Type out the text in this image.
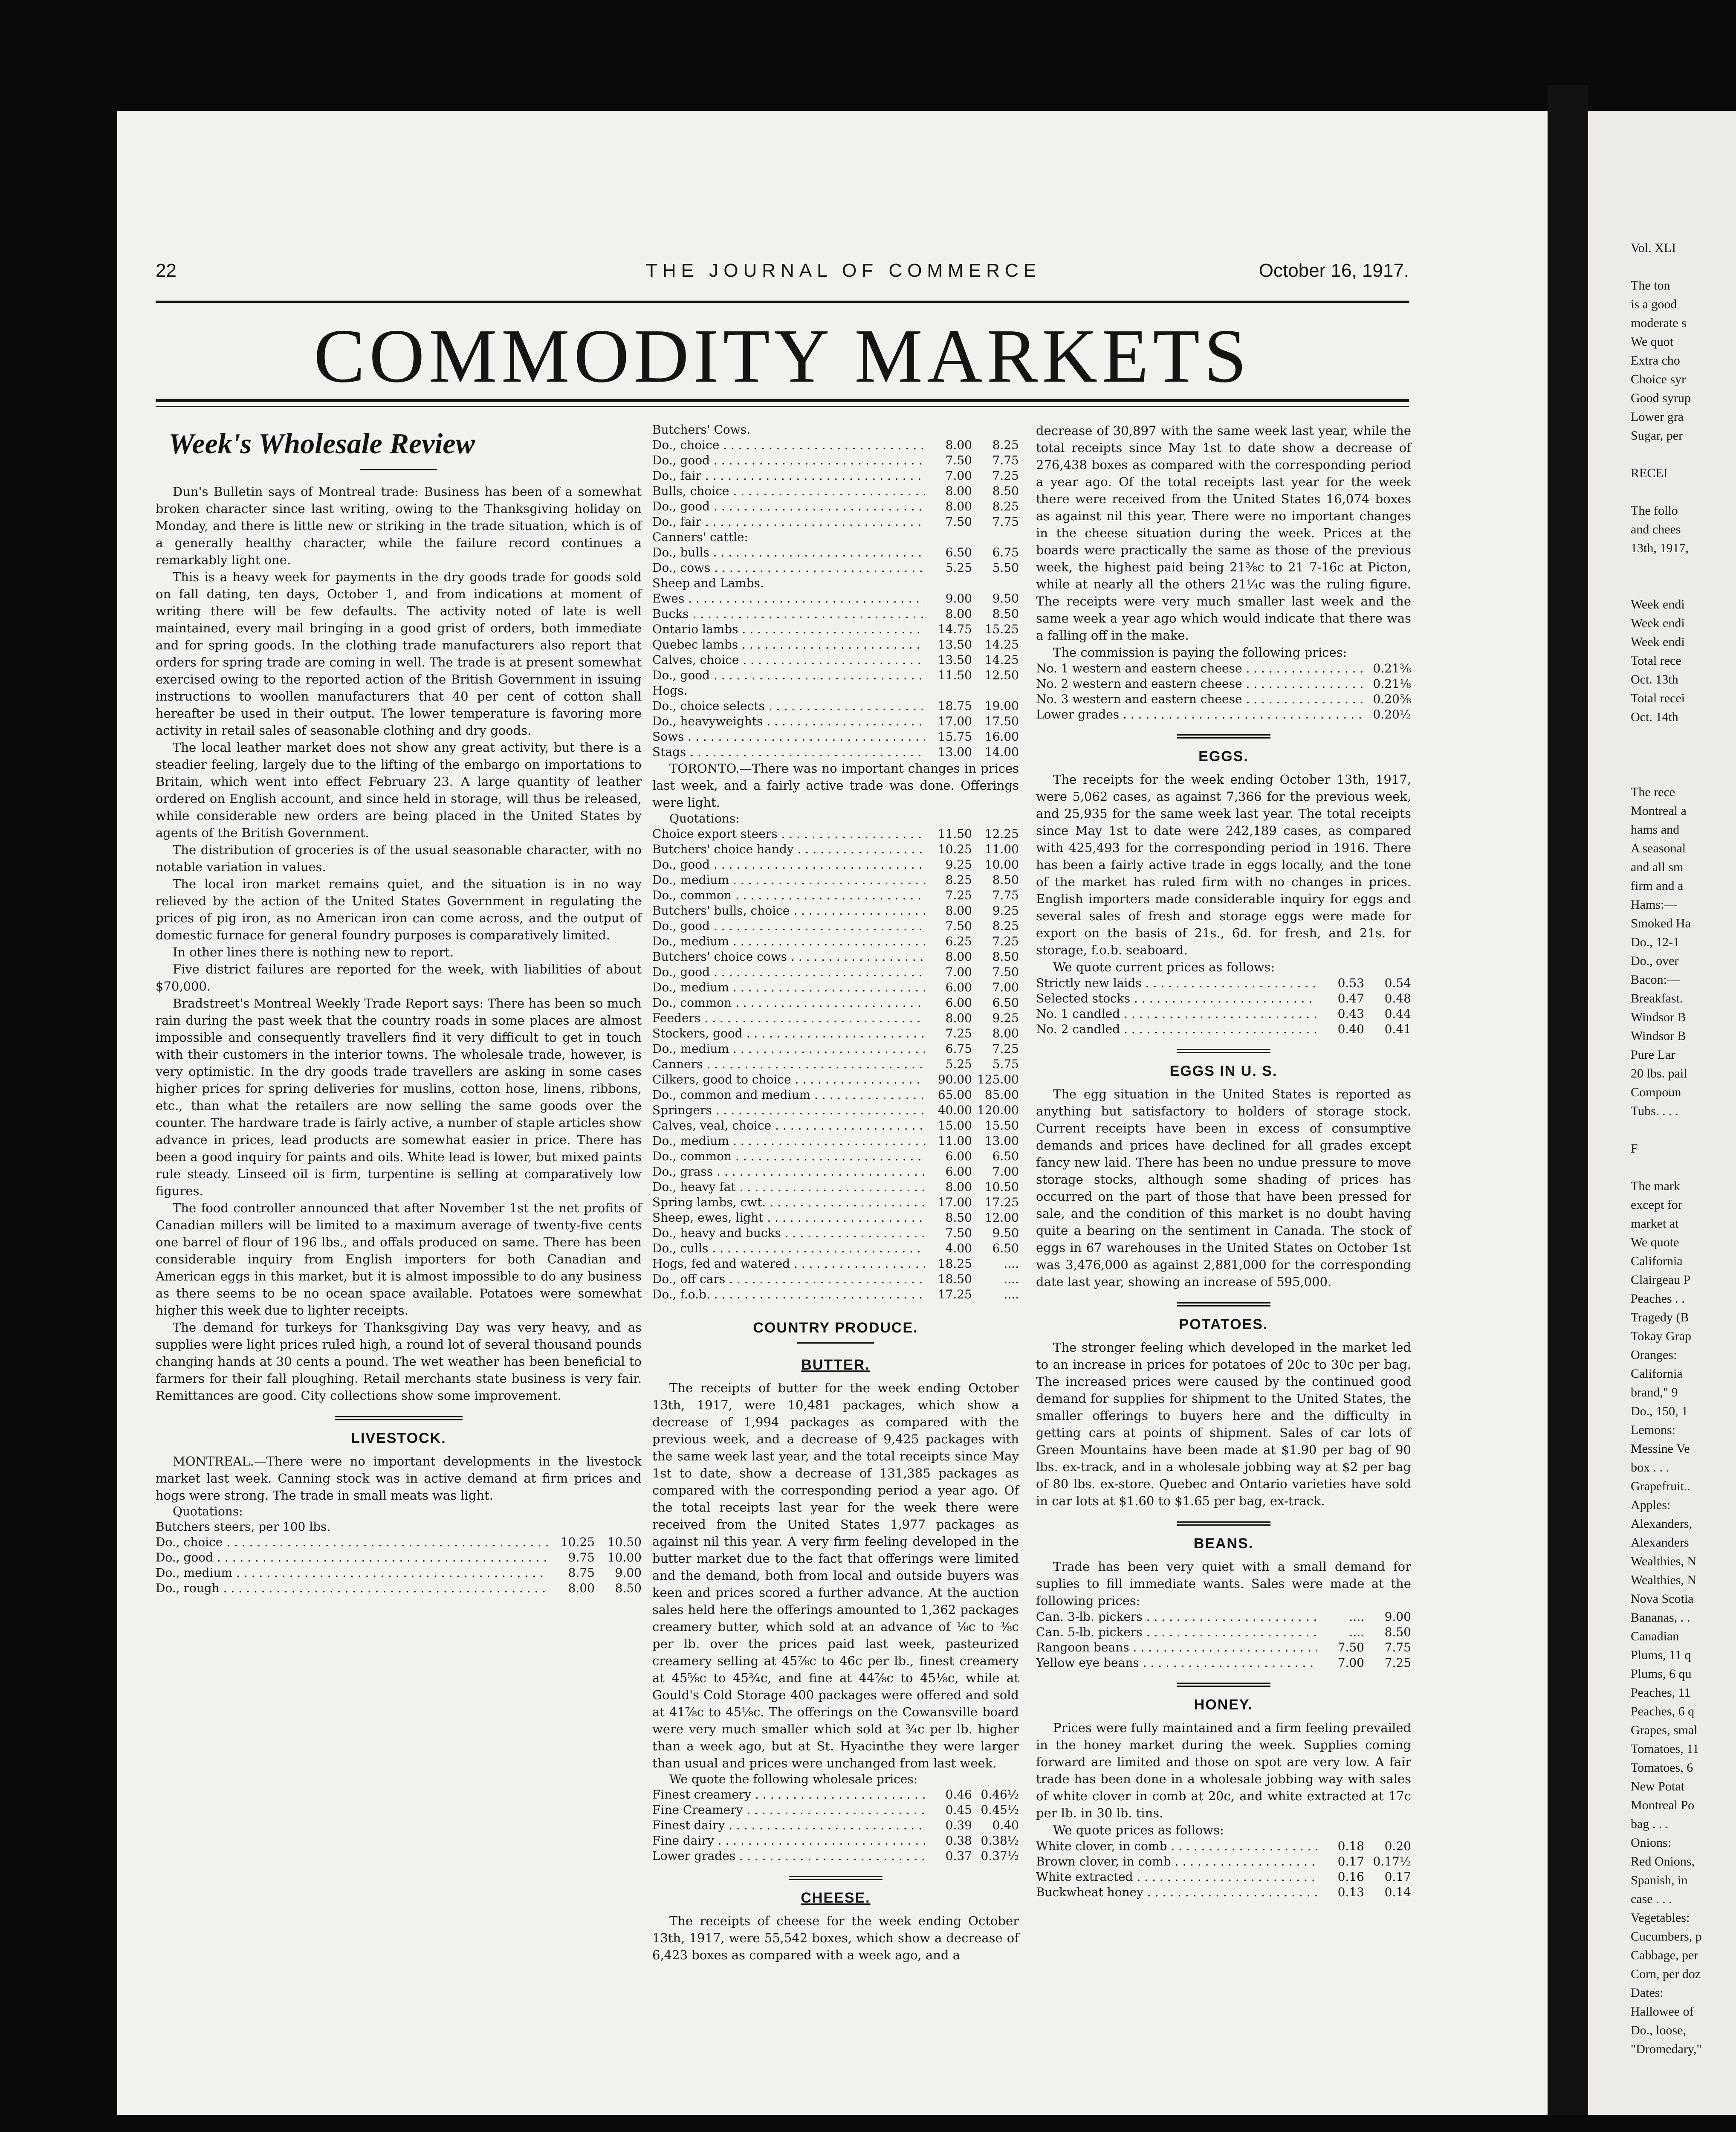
Vol. XLI

The ton
is a good
moderate s
We quot
Extra cho
Choice syr
Good syrup
Lower gra
Sugar, per

RECEI

The follo
and chees
13th, 1917,

Week endi
Week endi
Week endi
Total rece
Oct. 13th
Total recei
Oct. 14th

The rece
Montreal a
hams and
A seasonal
and all sm
firm and a
Hams:—
Smoked Ha
Do., 12-1
Do., over
Bacon:—
Breakfast.
Windsor B
Windsor B
Pure Lar
20 lbs. pail
Compoun
Tubs. . . .

F

The mark
except for
market at
We quote
California
Clairgeau P
Peaches . .
Tragedy (B
Tokay Grap
Oranges:
California
brand," 9
Do., 150, 1
Lemons:
Messine Ve
box . . .
Grapefruit..
Apples:
Alexanders,
Alexanders
Wealthies, N
Wealthies, N
Nova Scotia
Bananas, . .
Canadian
Plums, 11 q
Plums, 6 qu
Peaches, 11
Peaches, 6 q
Grapes, smal
Tomatoes, 11
Tomatoes, 6
New Potat
Montreal Po
bag . . .
Onions:
Red Onions,
Spanish, in
case . . .
Vegetables:
Cucumbers, p
Cabbage, per
Corn, per doz
Dates:
Hallowee of
Do., loose,
"Dromedary,"
22	THE JOURNAL OF COMMERCE	October 16, 1917.
COMMODITY MARKETS
Week's Wholesale Review

Dun's Bulletin says of Montreal trade: Business has been of a somewhat broken character since last writing, owing to the Thanksgiving holiday on Monday, and there is little new or striking in the trade situation, which is of a generally healthy character, while the failure record continues a remarkably light one.

This is a heavy week for payments in the dry goods trade for goods sold on fall dating, ten days, October 1, and from indications at moment of writing there will be few defaults. The activity noted of late is well maintained, every mail bringing in a good grist of orders, both immediate and for spring goods. In the clothing trade manufacturers also report that orders for spring trade are coming in well. The trade is at present somewhat exercised owing to the reported action of the British Government in issuing instructions to woollen manufacturers that 40 per cent of cotton shall hereafter be used in their output. The lower temperature is favoring more activity in retail sales of seasonable clothing and dry goods.

The local leather market does not show any great activity, but there is a steadier feeling, largely due to the lifting of the embargo on importations to Britain, which went into effect February 23. A large quantity of leather ordered on English account, and since held in storage, will thus be released, while considerable new orders are being placed in the United States by agents of the British Government.

The distribution of groceries is of the usual seasonable character, with no notable variation in values.

The local iron market remains quiet, and the situation is in no way relieved by the action of the United States Government in regulating the prices of pig iron, as no American iron can come across, and the output of domestic furnace for general foundry purposes is comparatively limited.

In other lines there is nothing new to report.

Five district failures are reported for the week, with liabilities of about $70,000.

Bradstreet's Montreal Weekly Trade Report says: There has been so much rain during the past week that the country roads in some places are almost impossible and consequently travellers find it very difficult to get in touch with their customers in the interior towns. The wholesale trade, however, is very optimistic. In the dry goods trade travellers are asking in some cases higher prices for spring deliveries for muslins, cotton hose, linens, ribbons, etc., than what the retailers are now selling the same goods over the counter. The hardware trade is fairly active, a number of staple articles show advance in prices, lead products are somewhat easier in price. There has been a good inquiry for paints and oils. White lead is lower, but mixed paints rule steady. Linseed oil is firm, turpentine is selling at comparatively low figures.

The food controller announced that after November 1st the net profits of Canadian millers will be limited to a maximum average of twenty-five cents one barrel of flour of 196 lbs., and offals produced on same. There has been considerable inquiry from English importers for both Canadian and American eggs in this market, but it is almost impossible to do any business as there seems to be no ocean space available. Potatoes were somewhat higher this week due to lighter receipts.

The demand for turkeys for Thanksgiving Day was very heavy, and as supplies were light prices ruled high, a round lot of several thousand pounds changing hands at 30 cents a pound. The wet weather has been beneficial to farmers for their fall ploughing. Retail merchants state business is very fair. Remittances are good. City collections show some improvement.

LIVESTOCK.

MONTREAL.—There were no important developments in the livestock market last week. Canning stock was in active demand at firm prices and hogs were strong. The trade in small meats was light.

Quotations:
Butchers steers, per 100 lbs.
Do., choice . . .	10.25	10.50
Do., good . . .	9.75	10.00
Do., medium . . .	8.75	9.00
Do., rough . . .	8.00	8.50
Butchers' Cows.
Do., choice . . .	8.00	8.25
Do., good . . .	7.50	7.75
Do., fair . . .	7.00	7.25
Bulls, choice . . .	8.00	8.50
Do., good . . .	8.00	8.25
Do., fair . . .	7.50	7.75
Canners' cattle:
Do., bulls . . .	6.50	6.75
Do., cows . . .	5.25	5.50
Sheep and Lambs.
Ewes . . .	9.00	9.50
Bucks . . .	8.00	8.50
Ontario lambs . . .	14.75	15.25
Quebec lambs . . .	13.50	14.25
Calves, choice . . .	13.50	14.25
Do., good . . .	11.50	12.50
Hogs.
Do., choice selects . . .	18.75	19.00
Do., heavyweights . . .	17.00	17.50
Sows . . .	15.75	16.00
Stags . . .	13.00	14.00

TORONTO.—There was no important changes in prices last week, and a fairly active trade was done. Offerings were light.

Quotations:
Choice export steers . . .	11.50	12.25
Butchers' choice handy . . .	10.25	11.00
Do., good . . .	9.25	10.00
Do., medium . . .	8.25	8.50
Do., common . . .	7.25	7.75
Butchers' bulls, choice . . .	8.00	9.25
Do., good . . .	7.50	8.25
Do., medium . . .	6.25	7.25
Butchers' choice cows . . .	8.00	8.50
Do., good . . .	7.00	7.50
Do., medium . . .	6.00	7.00
Do., common . . .	6.00	6.50
Feeders . . .	8.00	9.25
Stockers, good . . .	7.25	8.00
Do., medium . . .	6.75	7.25
Canners . . .	5.25	5.75
Cilkers, good to choice . . .	90.00 125.00
Do., common and medium . . .	65.00	85.00
Springers . . .	40.00 120.00
Calves, veal, choice . . .	15.00	15.50
Do., medium . . .	11.00	13.00
Do., common . . .	6.00	6.50
Do., grass . . .	6.00	7.00
Do., heavy fat . . .	8.00	10.50
Spring lambs, cwt. . . .	17.00	17.25
Sheep, ewes, light . . .	8.50	12.00
Do., heavy and bucks . . .	7.50	9.50
Do., culls . . .	4.00	6.50
Hogs, fed and watered . . .	18.25	....
Do., off cars . . .	18.50	....
Do., f.o.b. . . .	17.25	....
COUNTRY PRODUCE.
BUTTER.

The receipts of butter for the week ending October 13th, 1917, were 10,481 packages, which show a decrease of 1,994 packages as compared with the previous week, and a decrease of 9,425 packages with the same week last year, and the total receipts since May 1st to date, show a decrease of 131,385 packages as compared with the corresponding period a year ago. Of the total receipts last year for the week there were received from the United States 1,977 packages as against nil this year. A very firm feeling developed in the butter market due to the fact that offerings were limited and the demand, both from local and outside buyers was keen and prices scored a further advance. At the auction sales held here the offerings amounted to 1,362 packages creamery butter, which sold at an advance of ⅛c to ⅜c per lb. over the prices paid last week, pasteurized creamery selling at 45⅞c to 46c per lb., finest creamery at 45⅝c to 45¾c, and fine at 44⅞c to 45⅛c, while at Gould's Cold Storage 400 packages were offered and sold at 41⅞c to 45⅛c. The offerings on the Cowansville board were very much smaller which sold at ¾c per lb. higher than a week ago, but at St. Hyacinthe they were larger than usual and prices were unchanged from last week.

We quote the following wholesale prices:
Finest creamery . . .	0.46 0.46½
Fine Creamery . . .	0.45 0.45½
Finest dairy . . .	0.39	0.40
Fine dairy . . .	0.38 0.38½
Lower grades . . .	0.37 0.37½
CHEESE.

The receipts of cheese for the week ending October 13th, 1917, were 55,542 boxes, which show a decrease of 6,423 boxes as compared with a week ago, and a

decrease of 30,897 with the same week last year, while the total receipts since May 1st to date show a decrease of 276,438 boxes as compared with the corresponding period a year ago. Of the total receipts last year for the week there were received from the United States 16,074 boxes as against nil this year. There were no important changes in the cheese situation during the week. Prices at the boards were practically the same as those of the previous week, the highest paid being 21⅜c to 21 7-16c at Picton, while at nearly all the others 21¼c was the ruling figure. The receipts were very much smaller last week and the same week a year ago which would indicate that there was a falling off in the make.

The commission is paying the following prices:

No. 1 western and eastern cheese . . .	0.21⅜
No. 2 western and eastern cheese . . .	0.21⅛
No. 3 western and eastern cheese . . .	0.20⅜
Lower grades . . .	0.20½
EGGS.

The receipts for the week ending October 13th, 1917, were 5,062 cases, as against 7,366 for the previous week, and 25,935 for the same week last year. The total receipts since May 1st to date were 242,189 cases, as compared with 425,493 for the corresponding period in 1916. There has been a fairly active trade in eggs locally, and the tone of the market has ruled firm with no changes in prices. English importers made considerable inquiry for eggs and several sales of fresh and storage eggs were made for export on the basis of 21s., 6d. for fresh, and 21s. for storage, f.o.b. seaboard.

We quote current prices as follows:

Strictly new laids . . .	0.53	0.54
Selected stocks . . .	0.47	0.48
No. 1 candled . . .	0.43	0.44
No. 2 candled . . .	0.40	0.41
EGGS IN U. S.

The egg situation in the United States is reported as anything but satisfactory to holders of storage stock. Current receipts have been in excess of consumptive demands and prices have declined for all grades except fancy new laid. There has been no undue pressure to move storage stocks, although some shading of prices has occurred on the part of those that have been pressed for sale, and the condition of this market is no doubt having quite a bearing on the sentiment in Canada. The stock of eggs in 67 warehouses in the United States on October 1st was 3,476,000 as against 2,881,000 for the corresponding date last year, showing an increase of 595,000.

POTATOES.

The stronger feeling which developed in the market led to an increase in prices for potatoes of 20c to 30c per bag. The increased prices were caused by the continued good demand for supplies for shipment to the United States, the smaller offerings to buyers here and the difficulty in getting cars at points of shipment. Sales of car lots of Green Mountains have been made at $1.90 per bag of 90 lbs. ex-track, and in a wholesale jobbing way at $2 per bag of 80 lbs. ex-store. Quebec and Ontario varieties have sold in car lots at $1.60 to $1.65 per bag, ex-track.

BEANS.

Trade has been very quiet with a small demand for suplies to fill immediate wants. Sales were made at the following prices:

Can. 3-lb. pickers . . .	....	9.00
Can. 5-lb. pickers . . .	....	8.50
Rangoon beans . . .	7.50	7.75
Yellow eye beans . . .	7.00	7.25
HONEY.

Prices were fully maintained and a firm feeling prevailed in the honey market during the week. Supplies coming forward are limited and those on spot are very low. A fair trade has been done in a wholesale jobbing way with sales of white clover in comb at 20c, and white extracted at 17c per lb. in 30 lb. tins.

We quote prices as follows:

White clover, in comb . . .	0.18	0.20
Brown clover, in comb . . .	0.17 0.17½
White extracted . . .	0.16	0.17
Buckwheat honey . . .	0.13	0.14
